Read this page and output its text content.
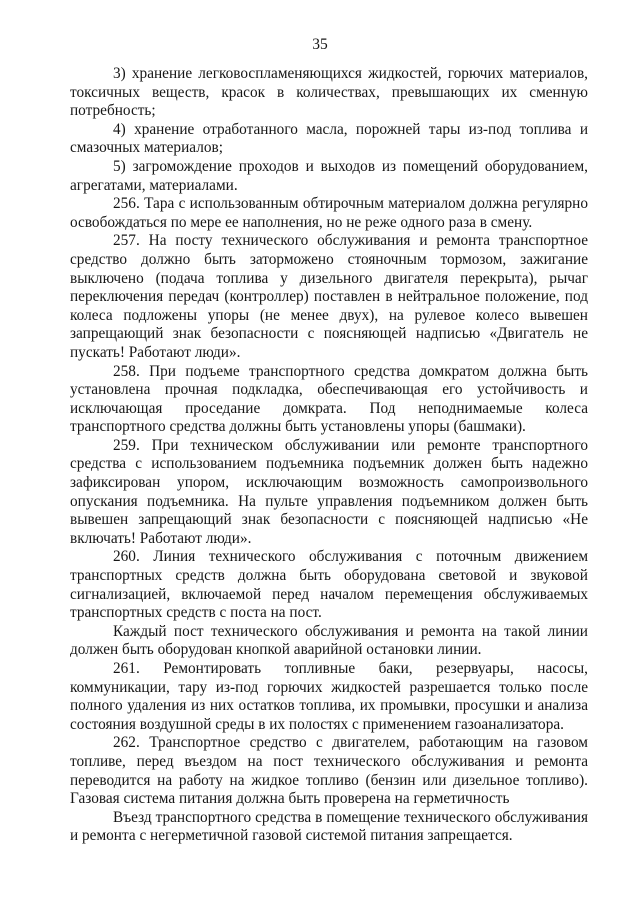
35

3) хранение легковоспламеняющихся жидкостей, горючих материалов, токсичных веществ, красок в количествах, превышающих их сменную потребность;

4) хранение отработанного масла, порожней тары из-под топлива и смазочных материалов;

5) загромождение проходов и выходов из помещений оборудованием, агрегатами, материалами.

256. Тара с использованным обтирочным материалом должна регулярно освобождаться по мере ее наполнения, но не реже одного раза в смену.

257. На посту технического обслуживания и ремонта транспортное средство должно быть заторможено стояночным тормозом, зажигание выключено (подача топлива у дизельного двигателя перекрыта), рычаг переключения передач (контроллер) поставлен в нейтральное положение, под колеса подложены упоры (не менее двух), на рулевое колесо вывешен запрещающий знак безопасности с поясняющей надписью «Двигатель не пускать! Работают люди».

258. При подъеме транспортного средства домкратом должна быть установлена прочная подкладка, обеспечивающая его устойчивость и исключающая проседание домкрата. Под неподнимаемые колеса транспортного средства должны быть установлены упоры (башмаки).

259. При техническом обслуживании или ремонте транспортного средства с использованием подъемника подъемник должен быть надежно зафиксирован упором, исключающим возможность самопроизвольного опускания подъемника. На пульте управления подъемником должен быть вывешен запрещающий знак безопасности с поясняющей надписью «Не включать! Работают люди».

260. Линия технического обслуживания с поточным движением транспортных средств должна быть оборудована световой и звуковой сигнализацией, включаемой перед началом перемещения обслуживаемых транспортных средств с поста на пост.

Каждый пост технического обслуживания и ремонта на такой линии должен быть оборудован кнопкой аварийной остановки линии.

261. Ремонтировать топливные баки, резервуары, насосы, коммуникации, тару из-под горючих жидкостей разрешается только после полного удаления из них остатков топлива, их промывки, просушки и анализа состояния воздушной среды в их полостях с применением газоанализатора.

262. Транспортное средство с двигателем, работающим на газовом топливе, перед въездом на пост технического обслуживания и ремонта переводится на работу на жидкое топливо (бензин или дизельное топливо). Газовая система питания должна быть проверена на герметичность

Въезд транспортного средства в помещение технического обслуживания и ремонта с негерметичной газовой системой питания запрещается.
